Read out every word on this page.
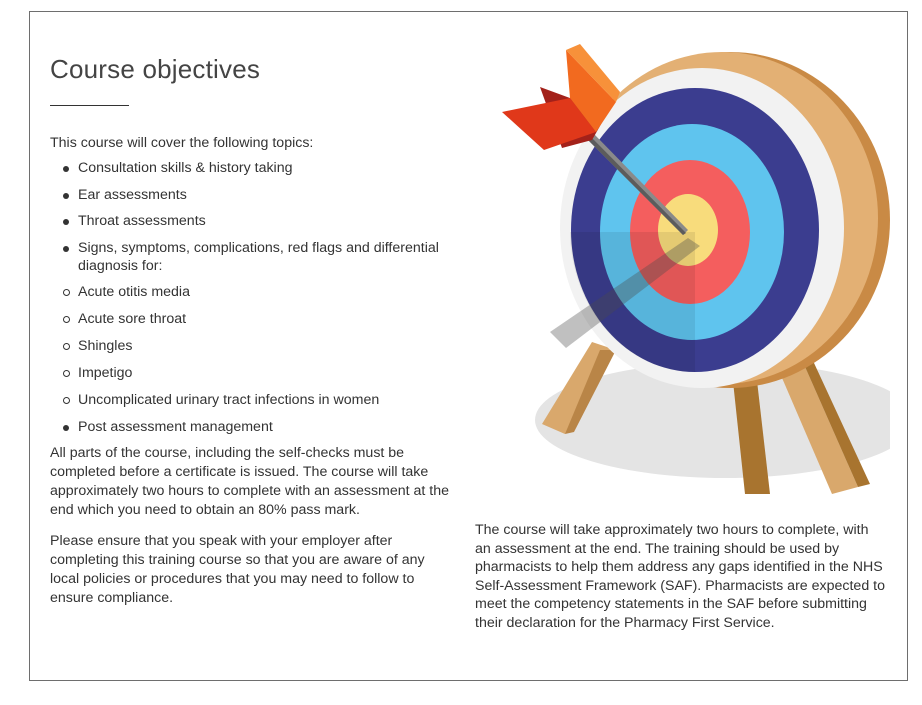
Course objectives

This course will cover the following topics:

Consultation skills & history taking
Ear assessments
Throat assessments
Signs, symptoms, complications, red flags and differential diagnosis for:
Acute otitis media
Acute sore throat
Shingles
Impetigo
Uncomplicated urinary tract infections in women
Post assessment management

All parts of the course, including the self-checks must be completed before a certificate is issued. The course will take approximately two hours to complete with an assessment at the end which you need to obtain an 80% pass mark.

Please ensure that you speak with your employer after completing this training course so that you are aware of any local policies or procedures that you may need to follow to ensure compliance.

The course will take approximately two hours to complete, with an assessment at the end. The training should be used by pharmacists to help them address any gaps identified in the NHS Self-Assessment Framework (SAF). Pharmacists are expected to meet the competency statements in the SAF before submitting their declaration for the Pharmacy First Service.
